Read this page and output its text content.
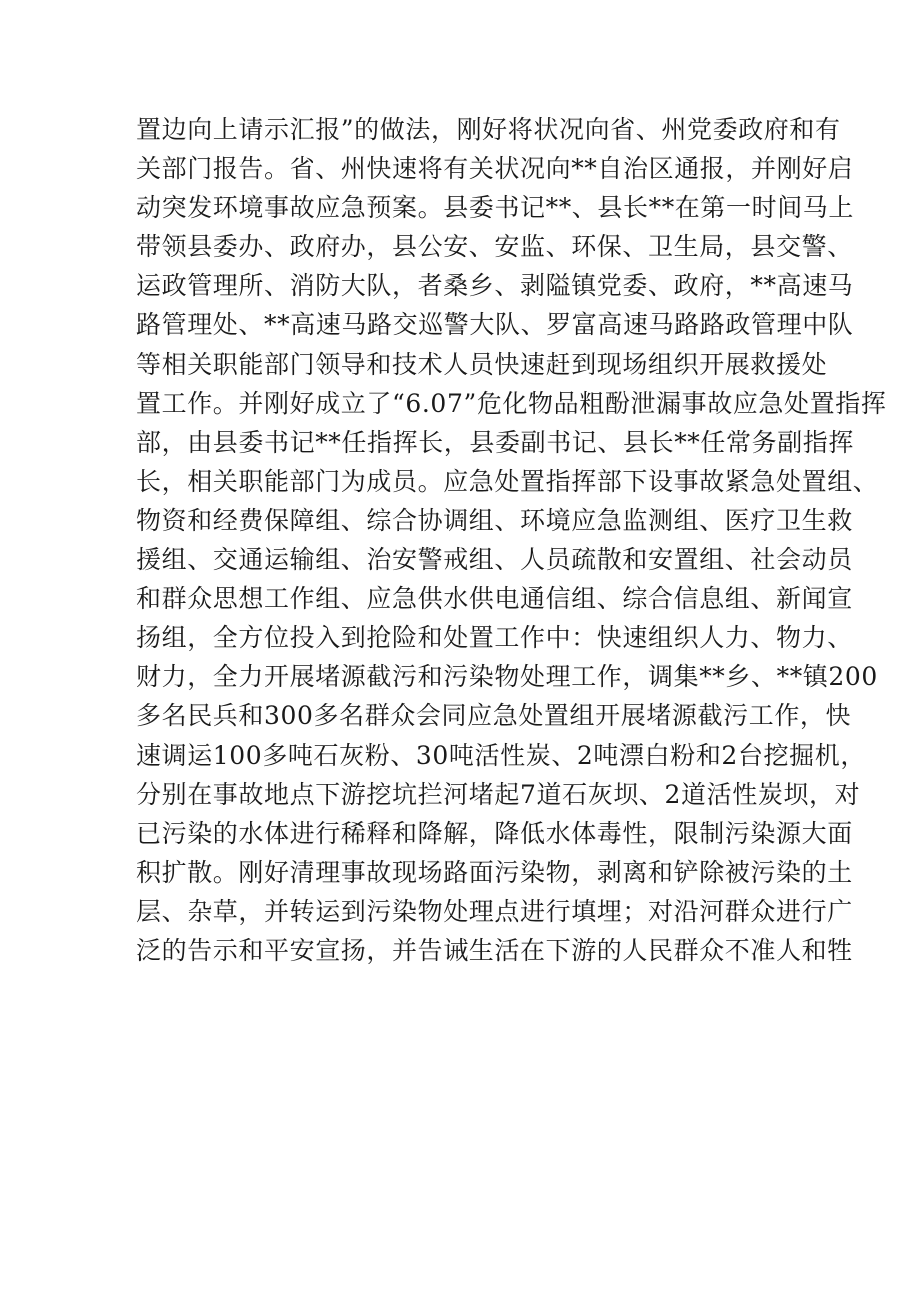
置边向上请示汇报”的做法，刚好将状况向省、州党委政府和有
关部门报告。省、州快速将有关状况向**自治区通报，并刚好启
动突发环境事故应急预案。县委书记**、县长**在第一时间马上
带领县委办、政府办，县公安、安监、环保、卫生局，县交警、
运政管理所、消防大队，者桑乡、剥隘镇党委、政府，**高速马
路管理处、**高速马路交巡警大队、罗富高速马路路政管理中队
等相关职能部门领导和技术人员快速赶到现场组织开展救援处
置工作。并刚好成立了“6.07”危化物品粗酚泄漏事故应急处置指挥
部，由县委书记**任指挥长，县委副书记、县长**任常务副指挥
长，相关职能部门为成员。应急处置指挥部下设事故紧急处置组、
物资和经费保障组、综合协调组、环境应急监测组、医疗卫生救
援组、交通运输组、治安警戒组、人员疏散和安置组、社会动员
和群众思想工作组、应急供水供电通信组、综合信息组、新闻宣
扬组，全方位投入到抢险和处置工作中：快速组织人力、物力、
财力，全力开展堵源截污和污染物处理工作，调集**乡、**镇200
多名民兵和300多名群众会同应急处置组开展堵源截污工作，快
速调运100多吨石灰粉、30吨活性炭、2吨漂白粉和2台挖掘机，
分别在事故地点下游挖坑拦河堵起7道石灰坝、2道活性炭坝，对
已污染的水体进行稀释和降解，降低水体毒性，限制污染源大面
积扩散。刚好清理事故现场路面污染物，剥离和铲除被污染的土
层、杂草，并转运到污染物处理点进行填埋；对沿河群众进行广
泛的告示和平安宣扬，并告诫生活在下游的人民群众不准人和牲
